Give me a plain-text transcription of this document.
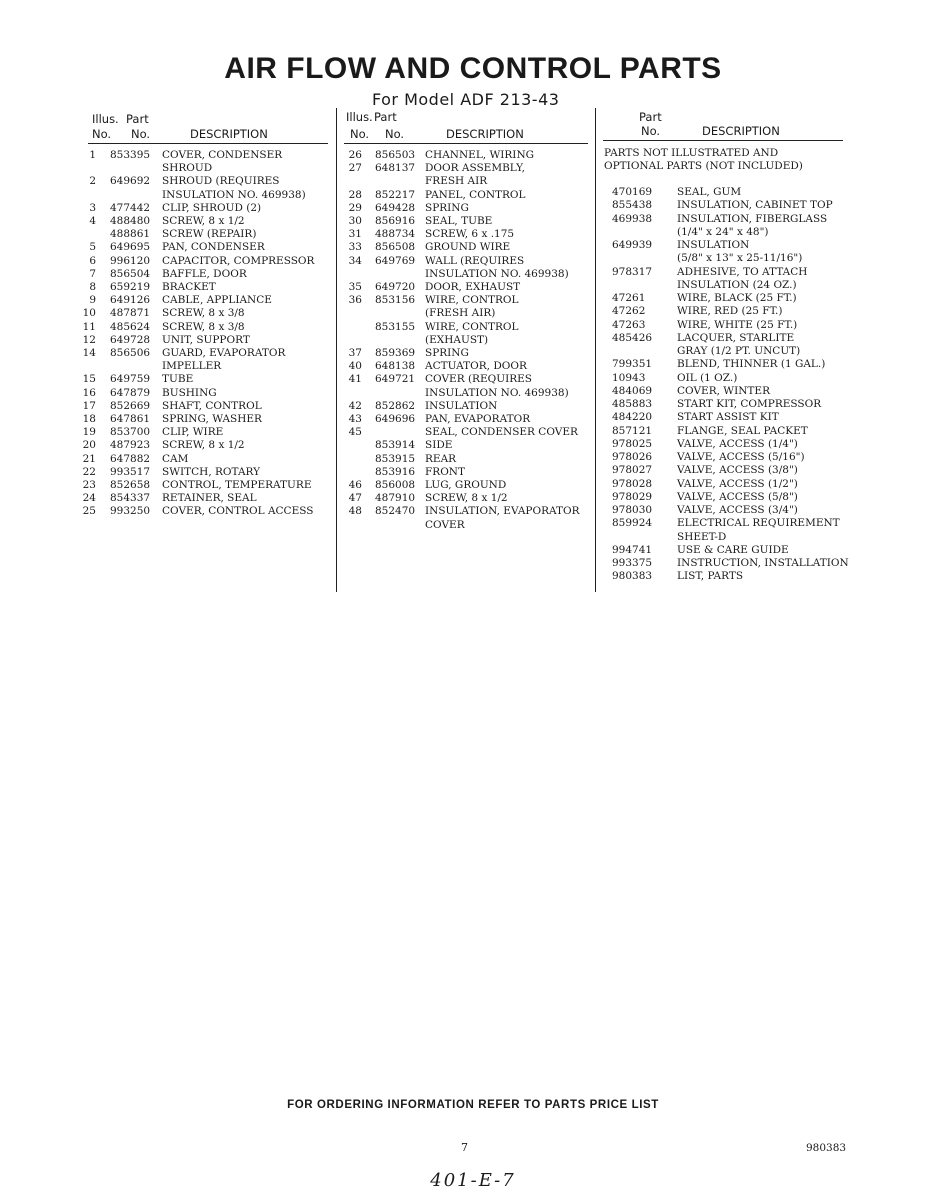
AIR FLOW AND CONTROL PARTS
For Model ADF 213-43
Illus. Part
No. No.	DESCRIPTION
Illus. Part
No. No.	DESCRIPTION
Part
No.	DESCRIPTION
1 853395 COVER, CONDENSER
SHROUD
2 649692 SHROUD (REQUIRES
INSULATION NO. 469938)
3 477442 CLIP, SHROUD (2)
4 488480 SCREW, 8 x 1/2
488861 SCREW (REPAIR)
5 649695 PAN, CONDENSER
6 996120 CAPACITOR, COMPRESSOR
7 856504 BAFFLE, DOOR
8 659219 BRACKET
9 649126 CABLE, APPLIANCE
10 487871 SCREW, 8 x 3/8
11 485624 SCREW, 8 x 3/8
12 649728 UNIT, SUPPORT
14 856506 GUARD, EVAPORATOR
IMPELLER
15 649759 TUBE
16 647879 BUSHING
17 852669 SHAFT, CONTROL
18 647861 SPRING, WASHER
19 853700 CLIP, WIRE
20 487923 SCREW, 8 x 1/2
21 647882 CAM
22 993517 SWITCH, ROTARY
23 852658 CONTROL, TEMPERATURE
24 854337 RETAINER, SEAL
25 993250 COVER, CONTROL ACCESS
26 856503 CHANNEL, WIRING
27 648137 DOOR ASSEMBLY,
FRESH AIR
28 852217 PANEL, CONTROL
29 649428 SPRING
30 856916 SEAL, TUBE
31 488734 SCREW, 6 x .175
33 856508 GROUND WIRE
34 649769 WALL (REQUIRES
INSULATION NO. 469938)
35 649720 DOOR, EXHAUST
36 853156 WIRE, CONTROL
(FRESH AIR)
853155 WIRE, CONTROL
(EXHAUST)
37 859369 SPRING
40 648138 ACTUATOR, DOOR
41 649721 COVER (REQUIRES
INSULATION NO. 469938)
42 852862 INSULATION
43 649696 PAN, EVAPORATOR
45	SEAL, CONDENSER COVER
853914 SIDE
853915 REAR
853916 FRONT
46 856008 LUG, GROUND
47 487910 SCREW, 8 x 1/2
48 852470 INSULATION, EVAPORATOR
COVER
PARTS NOT ILLUSTRATED AND
OPTIONAL PARTS (NOT INCLUDED)
470169 SEAL, GUM
855438 INSULATION, CABINET TOP
469938 INSULATION, FIBERGLASS
(1/4" x 24" x 48")
649939 INSULATION
(5/8" x 13" x 25-11/16")
978317 ADHESIVE, TO ATTACH
INSULATION (24 OZ.)
47261	WIRE, BLACK (25 FT.)
47262	WIRE, RED (25 FT.)
47263	WIRE, WHITE (25 FT.)
485426 LACQUER, STARLITE
GRAY (1/2 PT. UNCUT)
799351 BLEND, THINNER (1 GAL.)
10943	OIL (1 OZ.)
484069 COVER, WINTER
485883 START KIT, COMPRESSOR
484220 START ASSIST KIT
857121 FLANGE, SEAL PACKET
978025 VALVE, ACCESS (1/4")
978026 VALVE, ACCESS (5/16")
978027 VALVE, ACCESS (3/8")
978028 VALVE, ACCESS (1/2")
978029 VALVE, ACCESS (5/8")
978030 VALVE, ACCESS (3/4")
859924 ELECTRICAL REQUIREMENT
SHEET-D
994741 USE & CARE GUIDE
993375 INSTRUCTION, INSTALLATION
980383 LIST, PARTS
FOR ORDERING INFORMATION REFER TO PARTS PRICE LIST
7	980383
401-E-7
